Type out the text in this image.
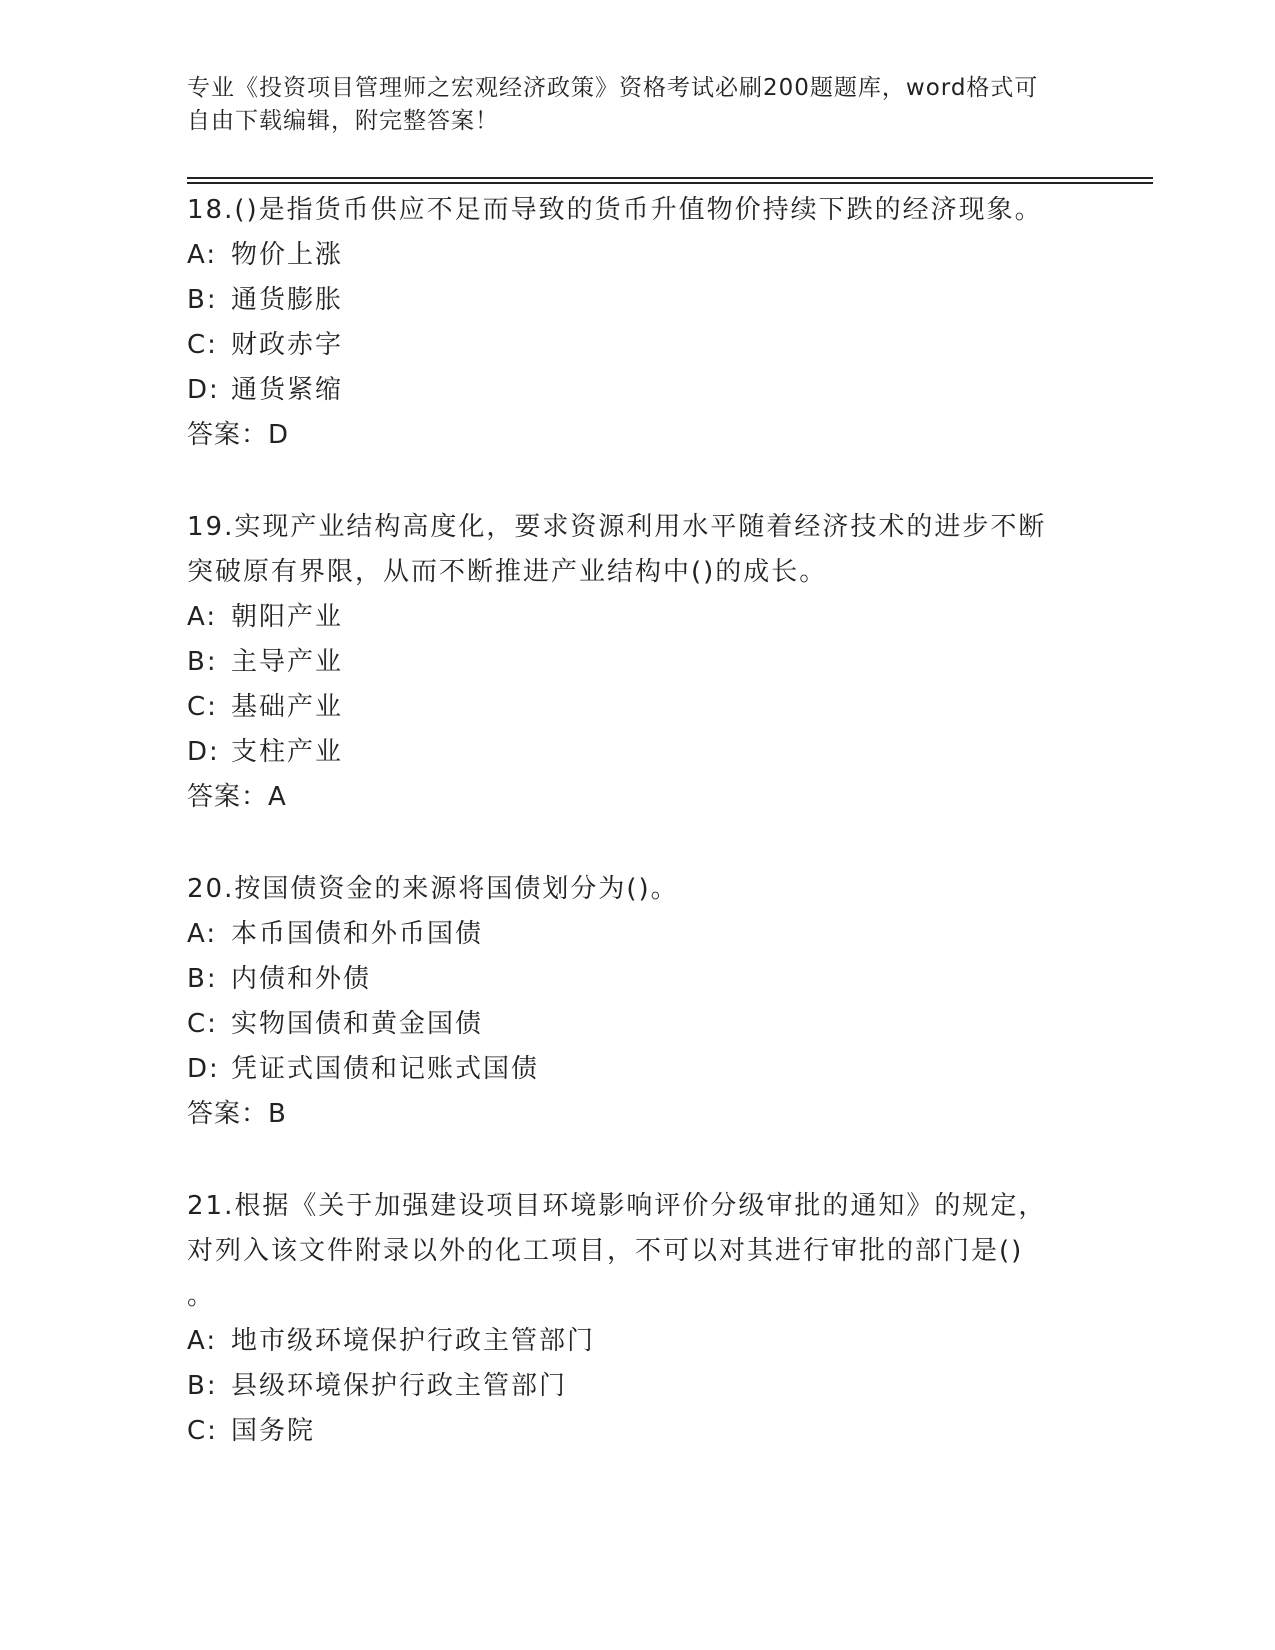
专业《投资项目管理师之宏观经济政策》资格考试必刷200题题库，word格式可
自由下载编辑，附完整答案！
18.()是指货币供应不足而导致的货币升值物价持续下跌的经济现象。
A: 物价上涨
B: 通货膨胀
C: 财政赤字
D: 通货紧缩
答案：D
19.实现产业结构高度化，要求资源利用水平随着经济技术的进步不断
突破原有界限，从而不断推进产业结构中()的成长。
A: 朝阳产业
B: 主导产业
C: 基础产业
D: 支柱产业
答案：A
20.按国债资金的来源将国债划分为()。
A: 本币国债和外币国债
B: 内债和外债
C: 实物国债和黄金国债
D: 凭证式国债和记账式国债
答案：B
21.根据《关于加强建设项目环境影响评价分级审批的通知》的规定，
对列入该文件附录以外的化工项目，不可以对其进行审批的部门是()
。
A: 地市级环境保护行政主管部门
B: 县级环境保护行政主管部门
C: 国务院
